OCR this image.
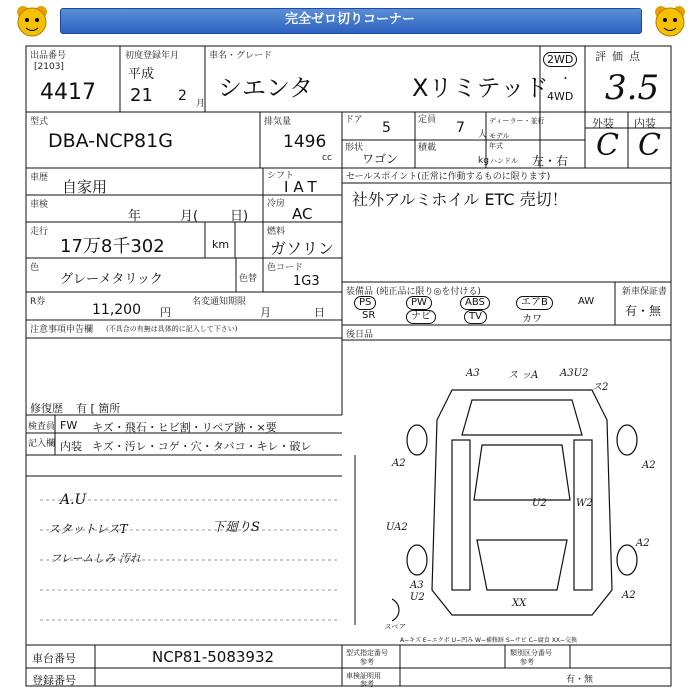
完全ゼロ切りコーナー
出品番号
[2103]
4417
初度登録年月
平成
21 2 月
車名・グレード
シエンタ	Xリミテッド
2WD
・
4WD
評価点
3.5
外装 内装
C C
型式
DBA-NCP81G
排気量
1496
cc
ドア 5	定員 7 人
ディーラー・並行
モデル年式
形状
ワゴン
積載
kg ハンドル 左・右
車歴 自家用
シフト
IAT
セールスポイント(正常に作動するものに限ります)
社外アルミホイル ETC 売切！
車検
年	月( 日)
冷房
AC
走行
17万8千302	km
燃料
ガソリン
色
グレーメタリック	色替
色コード
1G3
装備品 (純正品に限り◎を付ける)
PS	PW	ABS	エアB	AW
SR	ナビ	TV	カワ
新車保証書
有・無
後日品
R券	11,200 円
名変通知期限
月	日
注意事項申告欄 (不具合の有無は具体的に記入して下さい)
修復歴 有 [ 箇所
検査員
記入欄
FW キズ・飛石・ヒビ割・リペア跡・×要
内装 キズ・汚レ・コゲ・穴・タバコ・キレ・破レ
A.U
スタットレスT	下廻りS
フレームしみ 汚れ
A3	ス ッA A3U2
ス2
A2	A2
U2	W2
UA2
A2
A3
U2	A2
XX
スペア
A−キズ E−エクボ U−凹み W−補修跡 S−サビ C−腐食 XX−交換
車台番号	NCP81-5083932
登録番号
型式指定番号
参考
類別区分番号
参考
車検証明用
参考	有・無
